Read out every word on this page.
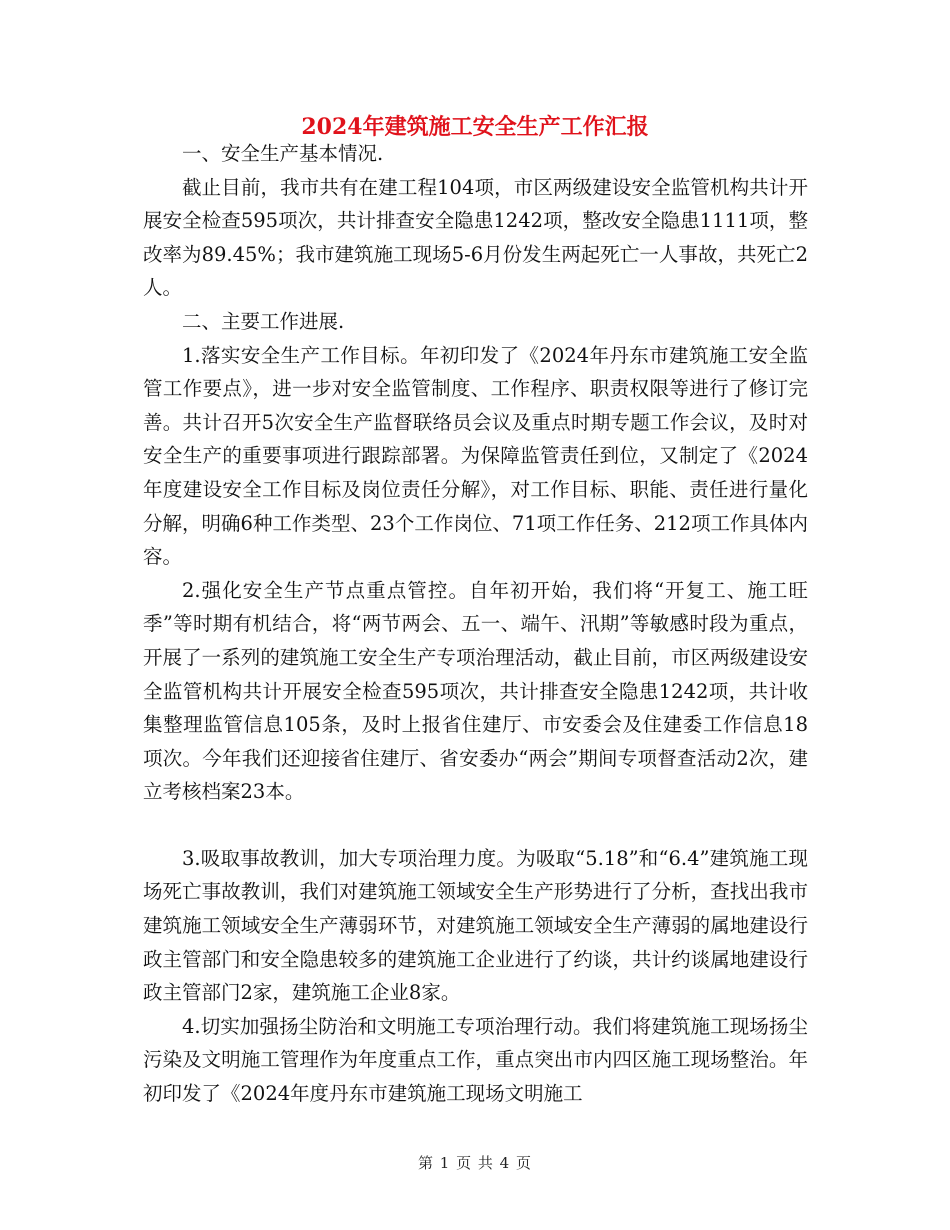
2024年建筑施工安全生产工作汇报

一、安全生产基本情况.

截止目前，我市共有在建工程104项，市区两级建设安全监管机构共计开展安全检查595项次，共计排查安全隐患1242项，整改安全隐患1111项，整改率为89.45%；我市建筑施工现场5-6月份发生两起死亡一人事故，共死亡2人。

二、主要工作进展.

1.落实安全生产工作目标。年初印发了《2024年丹东市建筑施工安全监管工作要点》，进一步对安全监管制度、工作程序、职责权限等进行了修订完善。共计召开5次安全生产监督联络员会议及重点时期专题工作会议，及时对安全生产的重要事项进行跟踪部署。为保障监管责任到位，又制定了《2024年度建设安全工作目标及岗位责任分解》，对工作目标、职能、责任进行量化分解，明确6种工作类型、23个工作岗位、71项工作任务、212项工作具体内容。

2.强化安全生产节点重点管控。自年初开始，我们将“开复工、施工旺季”等时期有机结合，将“两节两会、五一、端午、汛期”等敏感时段为重点，开展了一系列的建筑施工安全生产专项治理活动，截止目前，市区两级建设安全监管机构共计开展安全检查595项次，共计排查安全隐患1242项，共计收集整理监管信息105条，及时上报省住建厅、市安委会及住建委工作信息18项次。今年我们还迎接省住建厅、省安委办“两会”期间专项督查活动2次，建立考核档案23本。

3.吸取事故教训，加大专项治理力度。为吸取“5.18”和“6.4”建筑施工现场死亡事故教训，我们对建筑施工领域安全生产形势进行了分析，查找出我市建筑施工领域安全生产薄弱环节，对建筑施工领域安全生产薄弱的属地建设行政主管部门和安全隐患较多的建筑施工企业进行了约谈，共计约谈属地建设行政主管部门2家，建筑施工企业8家。

4.切实加强扬尘防治和文明施工专项治理行动。我们将建筑施工现场扬尘污染及文明施工管理作为年度重点工作，重点突出市内四区施工现场整治。年初印发了《2024年度丹东市建筑施工现场文明施工

第 1 页 共 4 页
